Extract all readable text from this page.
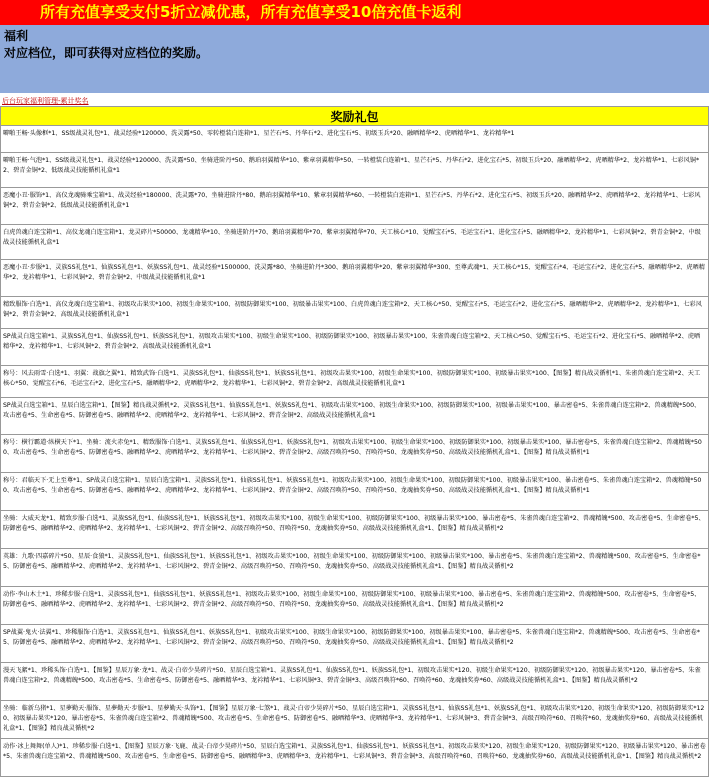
所有充值享受支付5折立减优惠，所有充值享受10倍充值卡返利
福利
对应档位，即可获得对应档位的奖励。
后台玩家福利管理-累计奖名
奖励礼包
噼啪王畅·头像框*1、SS级战灵礼包*1、战灵经验*120000、洗灵露*50、零转橙装白连箱*1、星芒石*5、丹华石*2、进化宝石*5、初级玉兵*20、融晒精华*2、虎晒精华*1、龙衿精华*1
噼啪王畅·气泡*1、SS级战灵礼包*1、战灵经验*120000、洗灵露*50、坐骑进阶丹*50、鹅珀羽翼精华*10、紫章羽翼精华*50、一转橙装白连箱*1、星芒石*5、丹华石*2、进化宝石*5、初级玉兵*20、融晒精华*2、虎晒精华*2、龙衿精华*1、七彩风铜*2、碧青金铜*2、低级战灵技能循机礼盒*1
恶魔小丑·服饰*1、高仪龙魂骑乘宝箱*1、战灵经验*180000、洗灵露*70、坐骑进阶丹*80、鹅珀羽翼精华*10、紫章羽翼精华*60、一转橙装白连箱*1、星芒石*5、丹华石*2、进化宝石*5、初级玉兵*20、融晒精华*2、虎晒精华*2、龙衿精华*1、七彩风铜*2、碧青金铜*2、低级战灵技能循机礼盒*1
白虎兽魂白连宝箱*1、高仪龙魂白连宝箱*1、龙灵碎片*50000、龙魂精华*10、坐骑进阶丹*70、鹅珀羽翼精华*70、紫章羽翼精华*70、天工核心*10、觉醒宝石*5、毛运宝石*1、进化宝石*5、融晒精华*2、龙衿精华*1、七彩风铜*2、碧青金铜*2、中级战灵技能循机礼盒*1
恶魔小丑·步服*1、灵族SS礼包*1、仙族SS礼包*1、妖族SS礼包*1、战灵经验*1500000、洗灵露*80、坐骑进阶丹*300、鹅珀羽翼精华*20、紫章羽翼精华*300、至尊武魂*1、天工核心*15、觉醒宝石*4、毛运宝石*2、进化宝石*5、融晒精华*2、虎晒精华*2、龙衿精华*1、七彩风铜*2、碧青金铜*2、中级战灵技能循机礼盒*1
精致服饰·白选*1、高仪龙魂白连宝箱*1、初级攻击果实*100、初级生命果实*100、初级防御果实*100、初级暴击果实*100、白虎兽魂白连宝箱*2、天工核心*50、觉醒宝石*5、毛运宝石*2、进化宝石*5、融晒精华*2、虎晒精华*2、龙衿精华*1、七彩风铜*2、碧青金铜*2、高级战灵技能循机礼盒*1
SP战灵白选宝箱*1、灵族SS礼包*1、仙族SS礼包*1、妖族SS礼包*1、初级攻击果实*100、初级生命果实*100、初级防御果实*100、初级暴击果实*100、朱雀兽魂白连宝箱*2、天工核心*50、觉醒宝石*5、毛运宝石*2、进化宝石*5、融晒精华*2、虎晒精华*2、龙衿精华*1、七彩风铜*2、碧青金铜*2、高级战灵技能循机礼盒*1
称号：风去雨雪·白选*1、羽翼：战旗之翼*1、精致武饰·白选*1、灵族SS礼包*1、仙族SS礼包*1、妖族SS礼包*1、初级攻击果实*100、初级生命果实*100、初级防御果实*100、初级暴击果实*100、【图鉴】精良战灵循机*1、朱雀兽魂白连宝箱*2、天工核心*50、觉醒宝石*6、毛运宝石*2、进化宝石*5、融晒精华*2、虎晒精华*2、龙衿精华*1、七彩风铜*2、碧青金铜*2、高级战灵技能循机礼盒*1
SP战灵白选宝箱*1、星辰白选宝箱*1、【图鉴】精良战灵循机*2、灵族SS礼包*1、仙族SS礼包*1、妖族SS礼包*1、初级攻击果实*100、初级生命果实*100、初级防御果实*100、初级暴击果实*100、暴击密卷*5、朱雀兽魂白连宝箱*2、兽魂精魄*500、攻击密卷*5、生命密卷*5、防御密卷*5、融晒精华*2、虎晒精华*2、龙衿精华*1、七彩风铜*2、碧青金铜*2、高级战灵技能循机礼盒*1
称号：横行霸道·纵横天下*1、坐骑：流火赤兔*1、精致服饰·白选*1、灵族SS礼包*1、仙族SS礼包*1、妖族SS礼包*1、初级攻击果实*100、初级生命果实*100、初级防御果实*100、初级暴击果实*100、暴击密卷*5、朱雀兽魂白连宝箱*2、兽魂精魄*500、攻击密卷*5、生命密卷*5、防御密卷*5、融晒精华*2、虎晒精华*2、龙衿精华*1、七彩风铜*2、碧青金铜*2、高级召唤符*50、召唤符*50、龙魂抽奖券*50、高级战灵技能循机礼盒*1、【图鉴】精良战灵循机*1
称号：君临天下·无上至尊*1、SP战灵白选宝箱*1、星辰白选宝箱*1、灵族SS礼包*1、仙族SS礼包*1、妖族SS礼包*1、初级攻击果实*100、初级生命果实*100、初级防御果实*100、初级暴击果实*100、暴击密卷*5、朱雀兽魂白连宝箱*2、兽魂精魄*500、攻击密卷*5、生命密卷*5、防御密卷*5、融晒精华*2、虎晒精华*2、龙衿精华*1、七彩风铜*2、碧青金铜*2、高级召唤符*50、召唤符*50、龙魂抽奖券*50、高级战灵技能循机礼盒*1、【图鉴】精良战灵循机*1
坐骑：大威天龙*1、精致步服·白选*1、灵族SS礼包*1、仙族SS礼包*1、妖族SS礼包*1、初级攻击果实*100、初级生命果实*100、初级防御果实*100、初级暴击果实*100、暴击密卷*5、朱雀兽魂白连宝箱*2、兽魂精魄*500、攻击密卷*5、生命密卷*5、防御密卷*5、融晒精华*2、虎晒精华*2、龙衿精华*1、七彩风铜*2、碧青金铜*2、高级召唤符*50、召唤符*50、龙魂抽奖券*50、高级战灵技能循机礼盒*1、【图鉴】精良战灵循机*2
英雄：九歌·四嘉碎片*50、星辰·食狼*1、灵族SS礼包*1、仙族SS礼包*1、妖族SS礼包*1、初级攻击果实*100、初级生命果实*100、初级防御果实*100、初级暴击果实*100、暴击密卷*5、朱雀兽魂白连宝箱*2、兽魂精魄*500、攻击密卷*5、生命密卷*5、防御密卷*5、融晒精华*2、虎晒精华*2、龙衿精华*1、七彩风铜*2、碧青金铜*2、高级召唤符*50、召唤符*50、龙魂抽奖券*50、高级战灵技能循机礼盒*1、【图鉴】精良战灵循机*2
动作·李山木土*1、珍稀步服·白选*1、灵族SS礼包*1、仙族SS礼包*1、妖族SS礼包*1、初级攻击果实*100、初级生命果实*100、初级防御果实*100、初级暴击果实*100、暴击密卷*5、朱雀兽魂白连宝箱*2、兽魂精魄*500、攻击密卷*5、生命密卷*5、防御密卷*5、融晒精华*2、虎晒精华*2、龙衿精华*1、七彩风铜*2、碧青金铜*2、高级召唤符*50、召唤符*50、龙魂抽奖券*50、高级战灵技能循机礼盒*1、【图鉴】精良战灵循机*2
SP战翼·鬼火·法翼*1、珍稀服饰·白选*1、灵族SS礼包*1、仙族SS礼包*1、妖族SS礼包*1、初级攻击果实*100、初级生命果实*100、初级防御果实*100、初级暴击果实*100、暴击密卷*5、朱雀兽魂白连宝箱*2、兽魂精魄*500、攻击密卷*5、生命密卷*5、防御密卷*5、融晒精华*2、虎晒精华*2、龙衿精华*1、七彩风铜*2、碧青金铜*2、高级召唤符*50、召唤符*50、龙魂抽奖券*50、高级战灵技能循机礼盒*1、【图鉴】精良战灵循机*2
漫天飞絮*1、珍稀头饰·白选*1、【图鉴】星辰万象·龙*1、战灵·白帝少昊碎片*50、星辰白选宝箱*1、灵族SS礼包*1、仙族SS礼包*1、妖族SS礼包*1、初级攻击果实*120、初级生命果实*120、初级防御果实*120、初级暴击果实*120、暴击密卷*5、朱雀兽魂白连宝箱*2、兽魂精魄*500、攻击密卷*5、生命密卷*5、防御密卷*5、融晒精华*3、龙衿精华*1、七彩风铜*3、碧青金铜*3、高级召唤符*60、召唤符*60、龙魂抽奖券*60、高级战灵技能循机礼盒*1、【图鉴】精良战灵循机*2
坐骑：临新乌猪*1、星夢勤天·服饰、星夢勤天·步服*1、星夢勤天·头饰*1、【图鉴】星辰万象·七煞*1、战灵·白帝少昊碎片*50、星辰白选宝箱*1、灵族SS礼包*1、仙族SS礼包*1、妖族SS礼包*1、初级攻击果实*120、初级生命果实*120、初级防御果实*120、初级暴击果实*120、暴击密卷*5、朱雀兽魂白连宝箱*2、兽魂精魄*500、攻击密卷*5、生命密卷*5、防御密卷*5、融晒精华*3、虎晒精华*3、龙衿精华*1、七彩风铜*3、碧青金铜*3、高级召唤符*60、召唤符*60、龙魂抽奖券*60、高级战灵技能循机礼盒*1、【图鉴】精良战灵循机*2
动作·冰上舞舞(单人)*1、珍稀步服·白选*1、【图鉴】星辰万象·飞鹿、战灵·白帝少昊碎片*50、星辰白选宝箱*1、灵族SS礼包*1、仙族SS礼包*1、妖族SS礼包*1、初级攻击果实*120、初级生命果实*120、初级防御果实*120、初级暴击果实*120、暴击密卷*5、朱雀兽魂白连宝箱*2、兽魂精魄*500、攻击密卷*5、生命密卷*5、防御密卷*5、融晒精华*3、虎晒精华*3、龙衿精华*1、七彩风铜*3、碧青金铜*3、高级召唤符*60、召唤符*60、龙魂抽奖券*60、高级战灵技能循机礼盒*1、【图鉴】精良战灵循机*2
